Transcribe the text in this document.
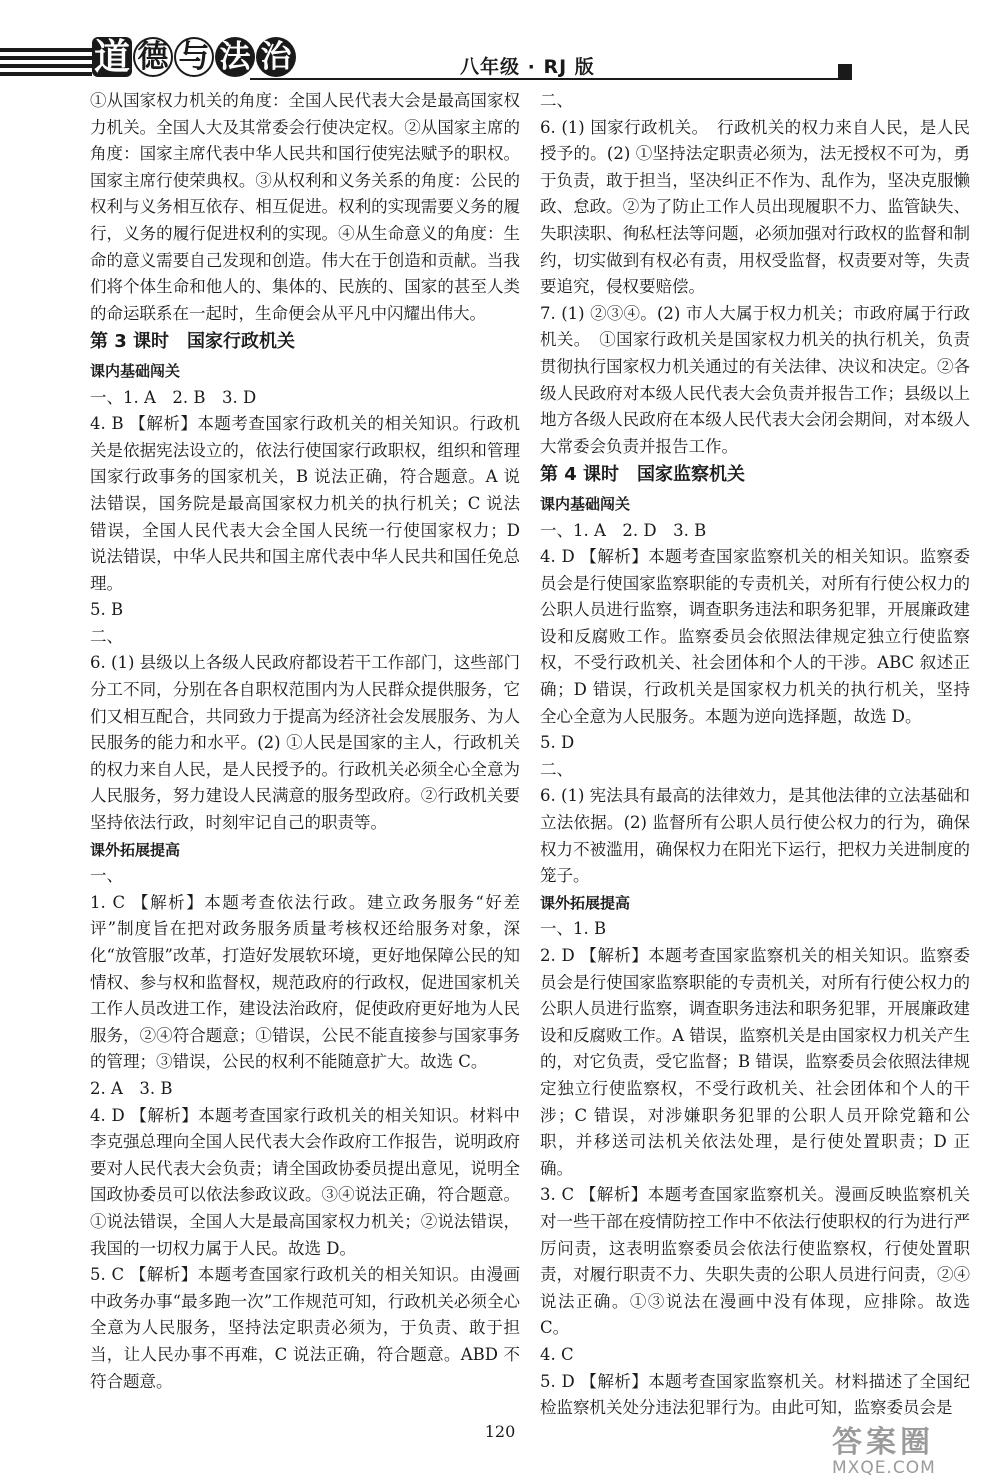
道 德 与 法 治	八年级 · RJ 版

①从国家权力机关的角度：全国人民代表大会是最高国家权力机关。全国人大及其常委会行使决定权。②从国家主席的角度：国家主席代表中华人民共和国行使宪法赋予的职权。国家主席行使荣典权。③从权利和义务关系的角度：公民的权利与义务相互依存、相互促进。权利的实现需要义务的履行，义务的履行促进权利的实现。④从生命意义的角度：生命的意义需要自己发现和创造。伟大在于创造和贡献。当我们将个体生命和他人的、集体的、民族的、国家的甚至人类的命运联系在一起时，生命便会从平凡中闪耀出伟大。

第 3 课时　国家行政机关

课内基础闯关

一、1. A　2. B　3. D

4. B 【解析】本题考查国家行政机关的相关知识。行政机关是依据宪法设立的，依法行使国家行政职权，组织和管理国家行政事务的国家机关，B 说法正确，符合题意。A 说法错误，国务院是最高国家权力机关的执行机关；C 说法错误，全国人民代表大会全国人民统一行使国家权力；D 说法错误，中华人民共和国主席代表中华人民共和国任免总理。

5. B

二、

6. (1) 县级以上各级人民政府都设若干工作部门，这些部门分工不同，分别在各自职权范围内为人民群众提供服务，它们又相互配合，共同致力于提高为经济社会发展服务、为人民服务的能力和水平。(2) ①人民是国家的主人，行政机关的权力来自人民，是人民授予的。行政机关必须全心全意为人民服务，努力建设人民满意的服务型政府。②行政机关要坚持依法行政，时刻牢记自己的职责等。

课外拓展提高

一、

1. C 【解析】本题考查依法行政。建立政务服务“好差评”制度旨在把对政务服务质量考核权还给服务对象，深化“放管服”改革，打造好发展软环境，更好地保障公民的知情权、参与权和监督权，规范政府的行政权，促进国家机关工作人员改进工作，建设法治政府，促使政府更好地为人民服务，②④符合题意；①错误，公民不能直接参与国家事务的管理；③错误，公民的权利不能随意扩大。故选 C。

2. A　3. B

4. D 【解析】本题考查国家行政机关的相关知识。材料中李克强总理向全国人民代表大会作政府工作报告，说明政府要对人民代表大会负责；请全国政协委员提出意见，说明全国政协委员可以依法参政议政。③④说法正确，符合题意。①说法错误，全国人大是最高国家权力机关；②说法错误，我国的一切权力属于人民。故选 D。

5. C 【解析】本题考查国家行政机关的相关知识。由漫画中政务办事“最多跑一次”工作规范可知，行政机关必须全心全意为人民服务，坚持法定职责必须为，于负责、敢于担当，让人民办事不再难，C 说法正确，符合题意。ABD 不符合题意。

二、

6. (1) 国家行政机关。　行政机关的权力来自人民，是人民授予的。(2) ①坚持法定职责必须为，法无授权不可为，勇于负责，敢于担当，坚决纠正不作为、乱作为，坚决克服懒政、怠政。②为了防止工作人员出现履职不力、监管缺失、失职渎职、徇私枉法等问题，必须加强对行政权的监督和制约，切实做到有权必有责，用权受监督，权责要对等，失责要追究，侵权要赔偿。

7. (1) ②③④。(2) 市人大属于权力机关；市政府属于行政机关。　①国家行政机关是国家权力机关的执行机关，负责贯彻执行国家权力机关通过的有关法律、决议和决定。②各级人民政府对本级人民代表大会负责并报告工作；县级以上地方各级人民政府在本级人民代表大会闭会期间，对本级人大常委会负责并报告工作。

第 4 课时　国家监察机关

课内基础闯关

一、1. A　2. D　3. B

4. D 【解析】本题考查国家监察机关的相关知识。监察委员会是行使国家监察职能的专责机关，对所有行使公权力的公职人员进行监察，调查职务违法和职务犯罪，开展廉政建设和反腐败工作。监察委员会依照法律规定独立行使监察权，不受行政机关、社会团体和个人的干涉。ABC 叙述正确；D 错误，行政机关是国家权力机关的执行机关，坚持全心全意为人民服务。本题为逆向选择题，故选 D。

5. D

二、

6. (1) 宪法具有最高的法律效力，是其他法律的立法基础和立法依据。(2) 监督所有公职人员行使公权力的行为，确保权力不被滥用，确保权力在阳光下运行，把权力关进制度的笼子。

课外拓展提高

一、1. B

2. D 【解析】本题考查国家监察机关的相关知识。监察委员会是行使国家监察职能的专责机关，对所有行使公权力的公职人员进行监察，调查职务违法和职务犯罪，开展廉政建设和反腐败工作。A 错误，监察机关是由国家权力机关产生的，对它负责，受它监督；B 错误，监察委员会依照法律规定独立行使监察权，不受行政机关、社会团体和个人的干涉；C 错误，对涉嫌职务犯罪的公职人员开除党籍和公职，并移送司法机关依法处理，是行使处置职责；D 正确。

3. C 【解析】本题考查国家监察机关。漫画反映监察机关对一些干部在疫情防控工作中不依法行使职权的行为进行严厉问责，这表明监察委员会依法行使监察权，行使处置职责，对履行职责不力、失职失责的公职人员进行问责，②④说法正确。①③说法在漫画中没有体现，应排除。故选 C。

4. C

5. D 【解析】本题考查国家监察机关。材料描述了全国纪检监察机关处分违法犯罪行为。由此可知，监察委员会是

120	答案圈
MXQE.COM
